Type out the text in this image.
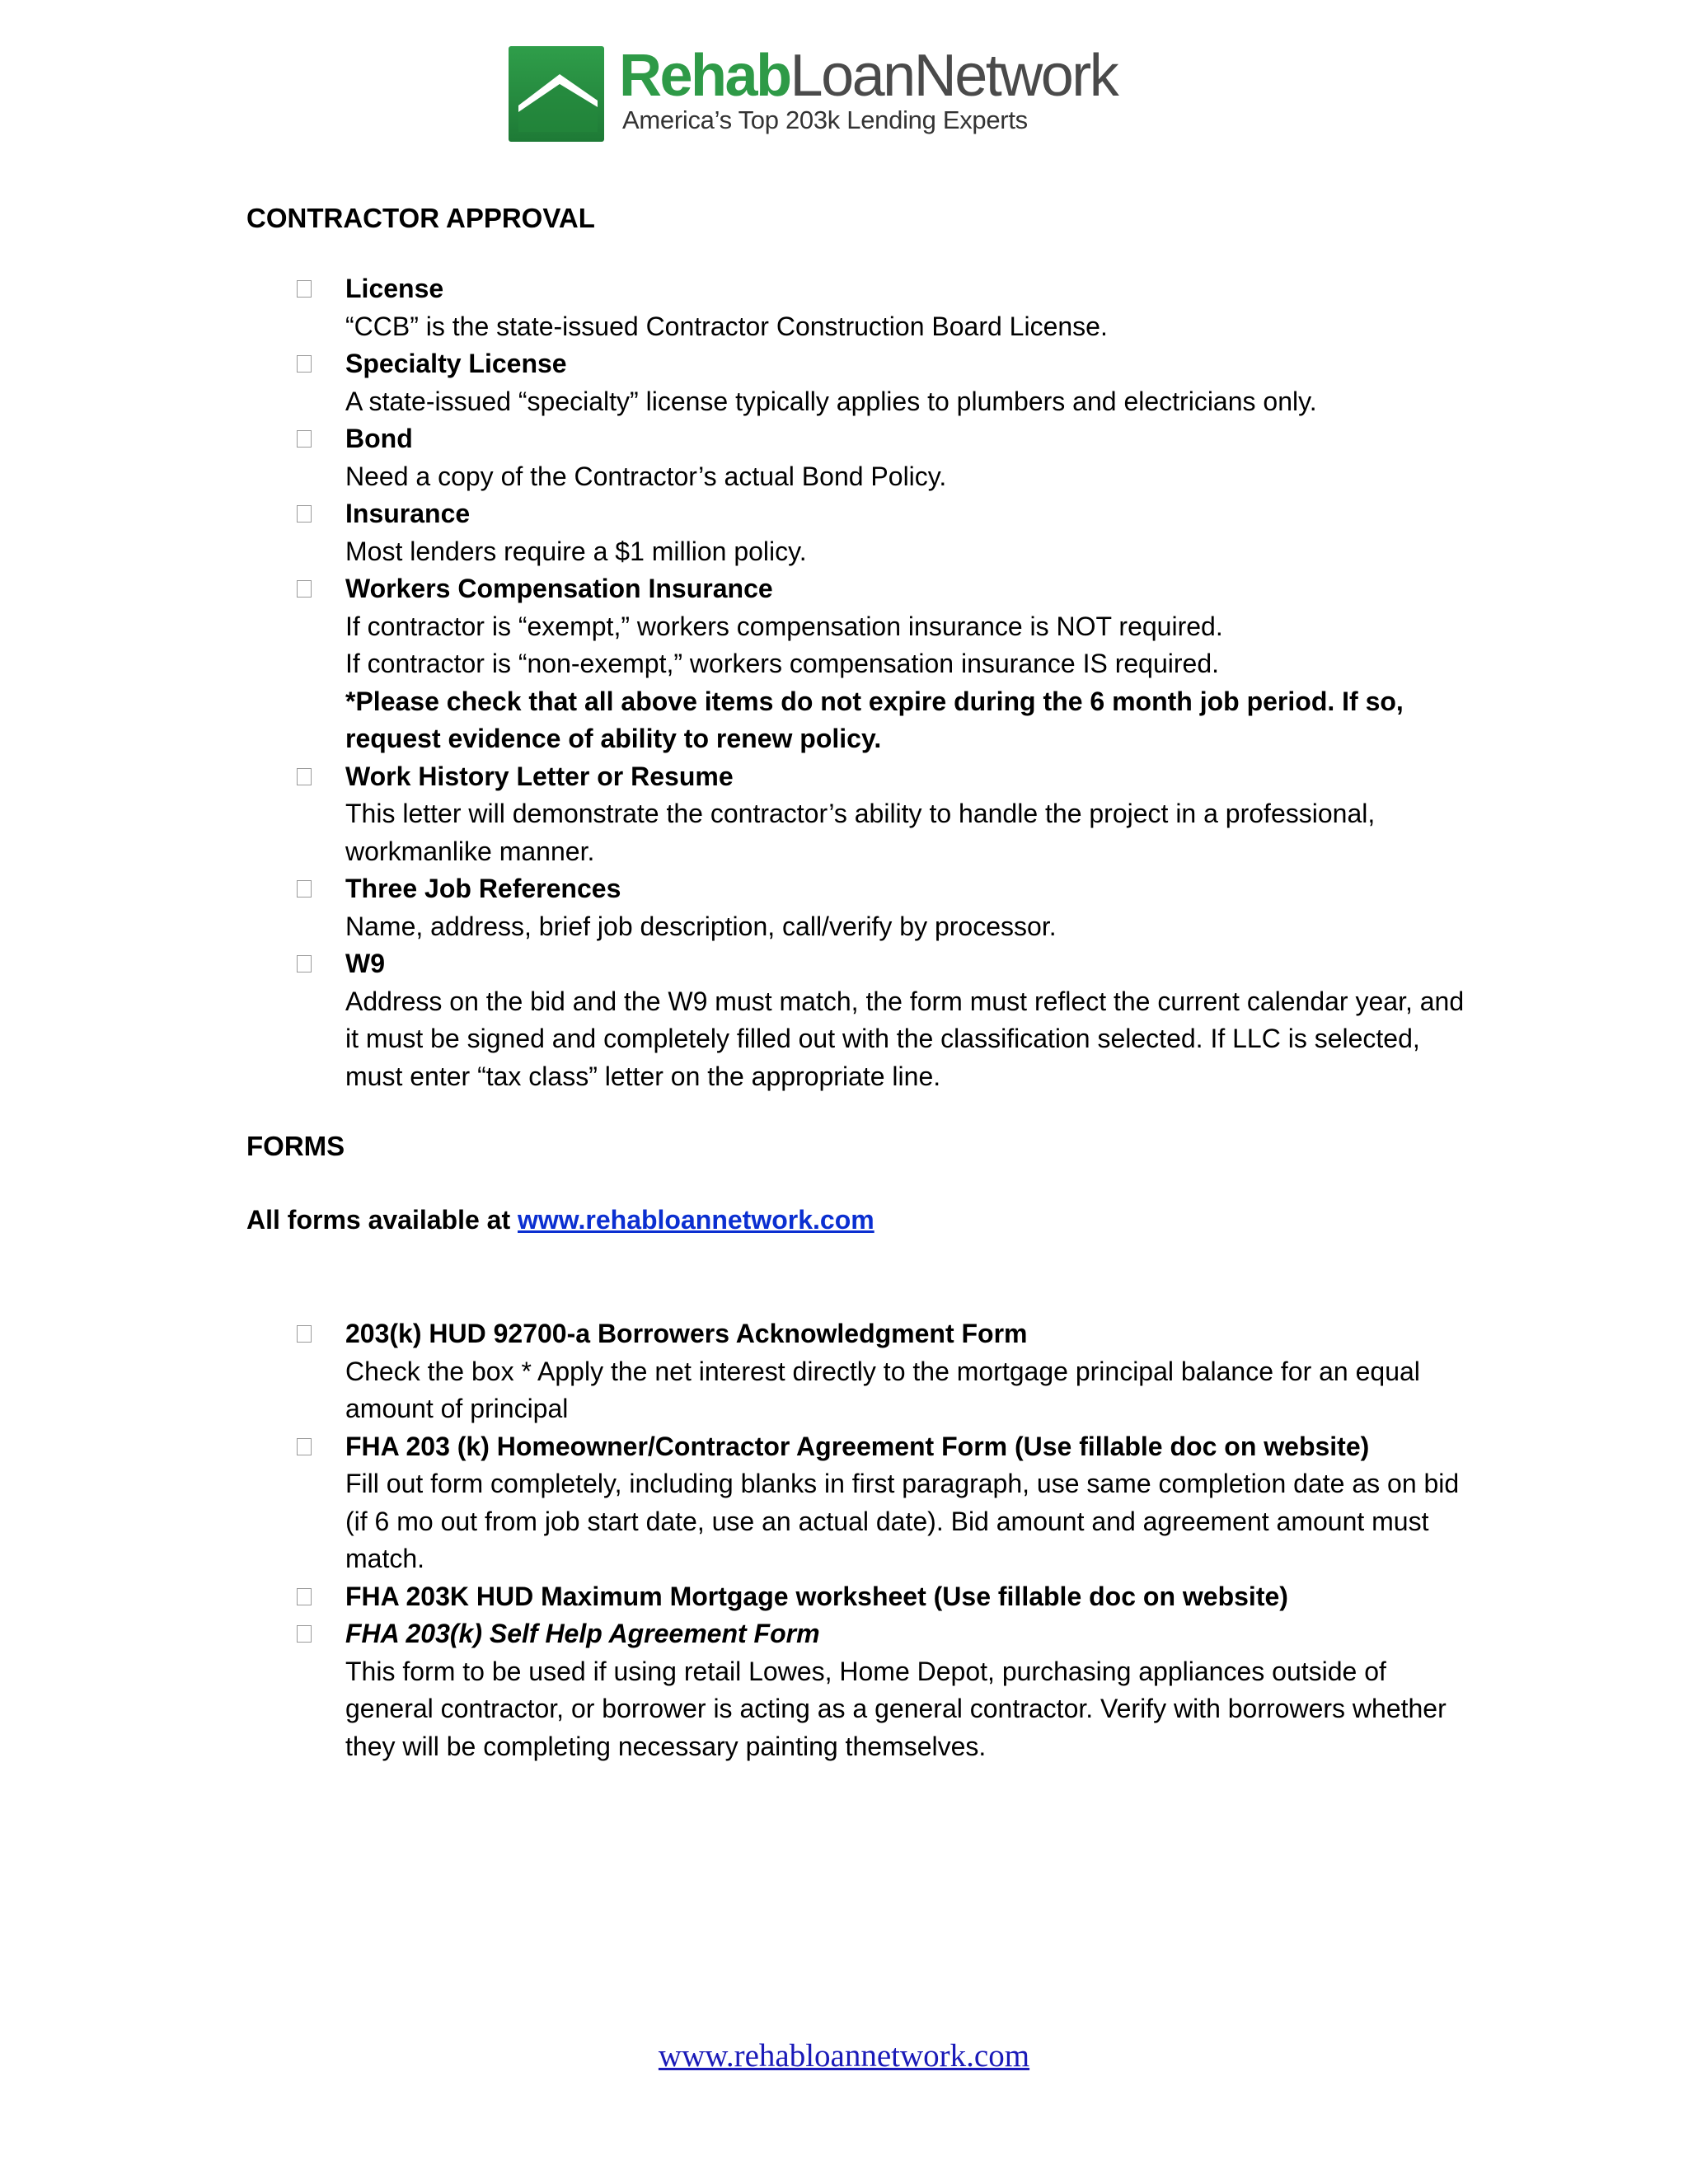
RehabLoanNetwork
America’s Top 203k Lending Experts
CONTRACTOR APPROVAL
License
“CCB” is the state-issued Contractor Construction Board License.
Specialty License
A state-issued “specialty” license typically applies to plumbers and electricians only.
Bond
Need a copy of the Contractor’s actual Bond Policy.
Insurance
Most lenders require a $1 million policy.
Workers Compensation Insurance
If contractor is “exempt,” workers compensation insurance is NOT required.
If contractor is “non-exempt,” workers compensation insurance IS required.
*Please check that all above items do not expire during the 6 month job period. If so, request evidence of ability to renew policy.
Work History Letter or Resume
This letter will demonstrate the contractor’s ability to handle the project in a professional, workmanlike manner.
Three Job References
Name, address, brief job description, call/verify by processor.
W9
Address on the bid and the W9 must match, the form must reflect the current calendar year, and it must be signed and completely filled out with the classification selected. If LLC is selected, must enter “tax class” letter on the appropriate line.
FORMS
All forms available at www.rehabloannetwork.com
203(k) HUD 92700-a Borrowers Acknowledgment Form
Check the box * Apply the net interest directly to the mortgage principal balance for an equal amount of principal
FHA 203 (k) Homeowner/Contractor Agreement Form (Use fillable doc on website)
Fill out form completely, including blanks in first paragraph, use same completion date as on bid (if 6 mo out from job start date, use an actual date). Bid amount and agreement amount must match.
FHA 203K HUD Maximum Mortgage worksheet (Use fillable doc on website)
FHA 203(k) Self Help Agreement Form
This form to be used if using retail Lowes, Home Depot, purchasing appliances outside of general contractor, or borrower is acting as a general contractor. Verify with borrowers whether they will be completing necessary painting themselves.
www.rehabloannetwork.com
